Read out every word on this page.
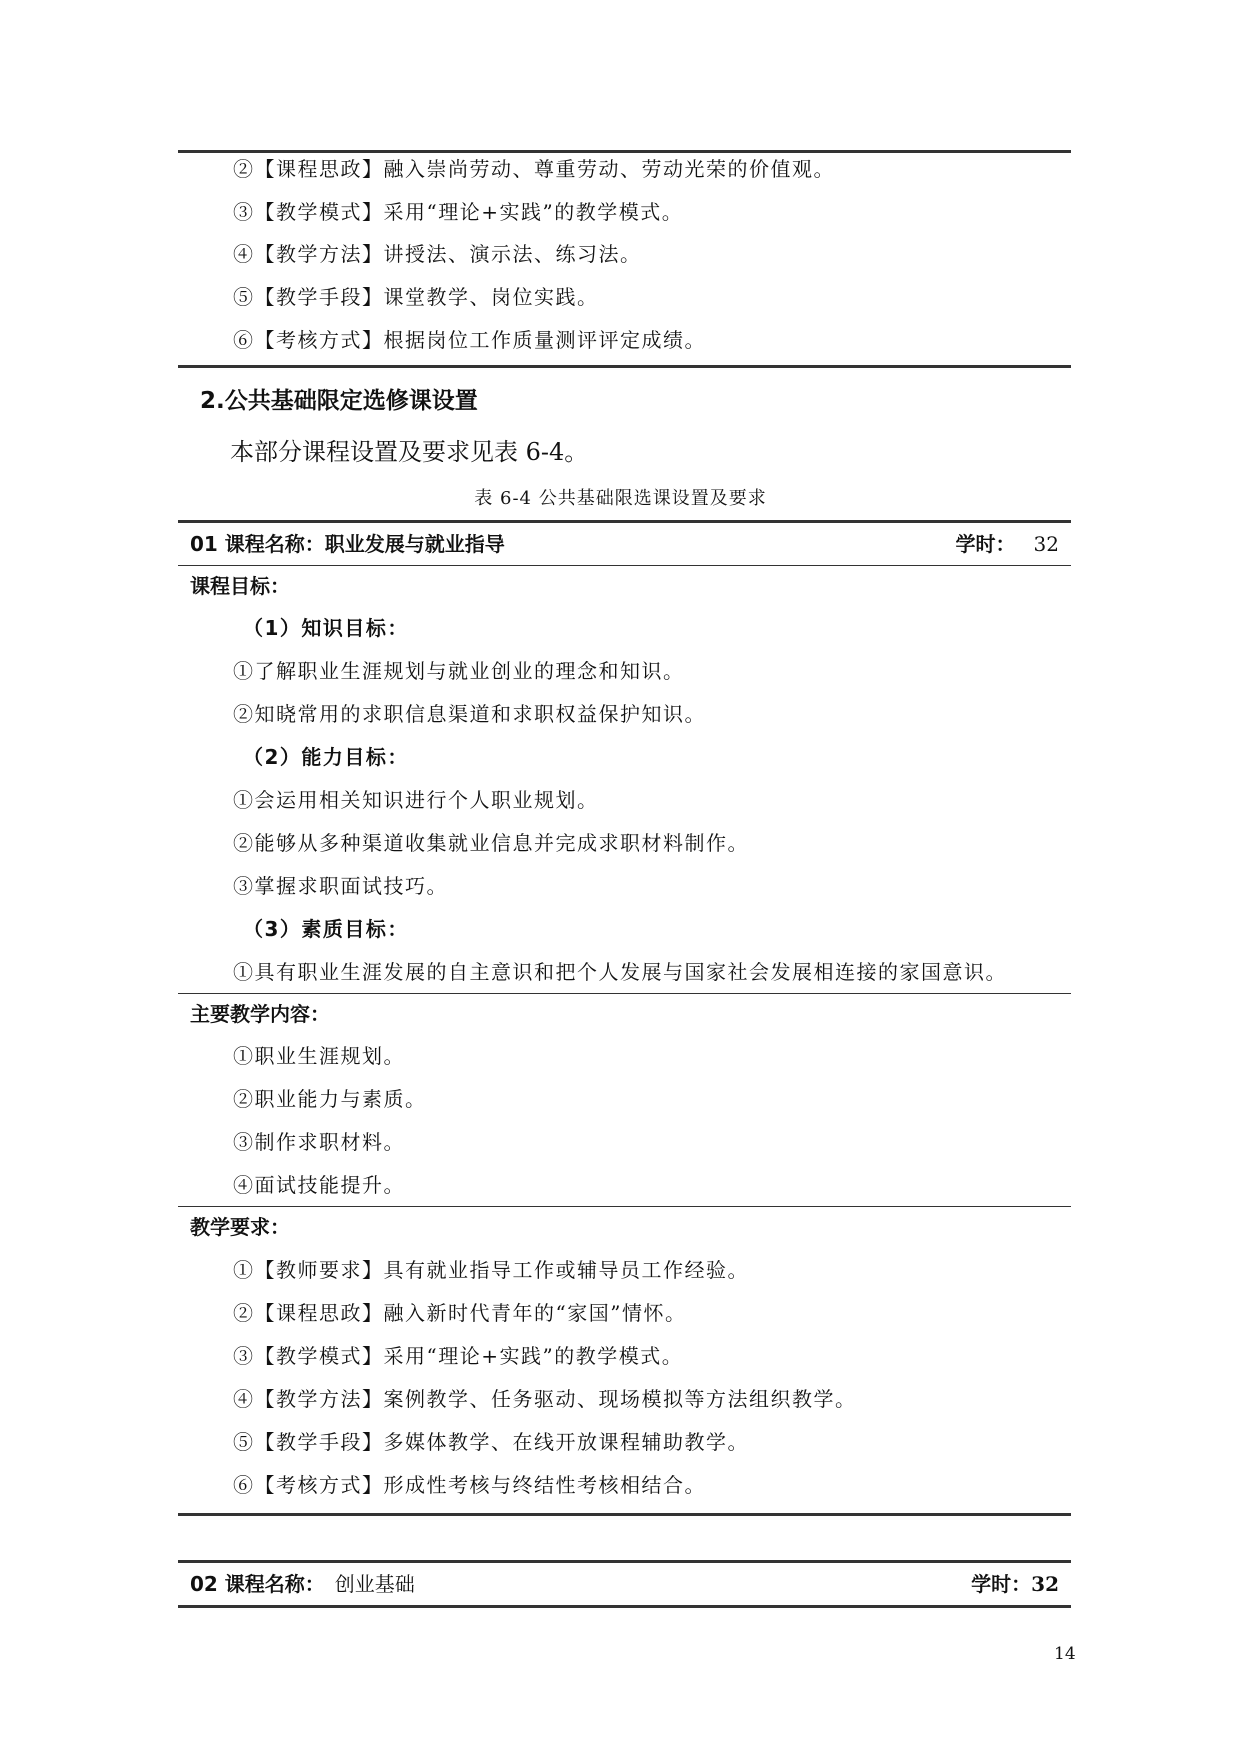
②【课程思政】融入崇尚劳动、尊重劳动、劳动光荣的价值观。
③【教学模式】采用“理论+实践”的教学模式。
④【教学方法】讲授法、演示法、练习法。
⑤【教学手段】课堂教学、岗位实践。
⑥【考核方式】根据岗位工作质量测评评定成绩。
2.公共基础限定选修课设置
本部分课程设置及要求见表 6-4。
表 6-4 公共基础限选课设置及要求
01 课程名称：职业发展与就业指导	学时： 32
课程目标：
（1）知识目标：
①了解职业生涯规划与就业创业的理念和知识。
②知晓常用的求职信息渠道和求职权益保护知识。
（2）能力目标：
①会运用相关知识进行个人职业规划。
②能够从多种渠道收集就业信息并完成求职材料制作。
③掌握求职面试技巧。
（3）素质目标：
①具有职业生涯发展的自主意识和把个人发展与国家社会发展相连接的家国意识。
主要教学内容：
①职业生涯规划。
②职业能力与素质。
③制作求职材料。
④面试技能提升。
教学要求：
①【教师要求】具有就业指导工作或辅导员工作经验。
②【课程思政】融入新时代青年的“家国”情怀。
③【教学模式】采用“理论+实践”的教学模式。
④【教学方法】案例教学、任务驱动、现场模拟等方法组织教学。
⑤【教学手段】多媒体教学、在线开放课程辅助教学。
⑥【考核方式】形成性考核与终结性考核相结合。
02 课程名称： 创业基础	学时：32
14
